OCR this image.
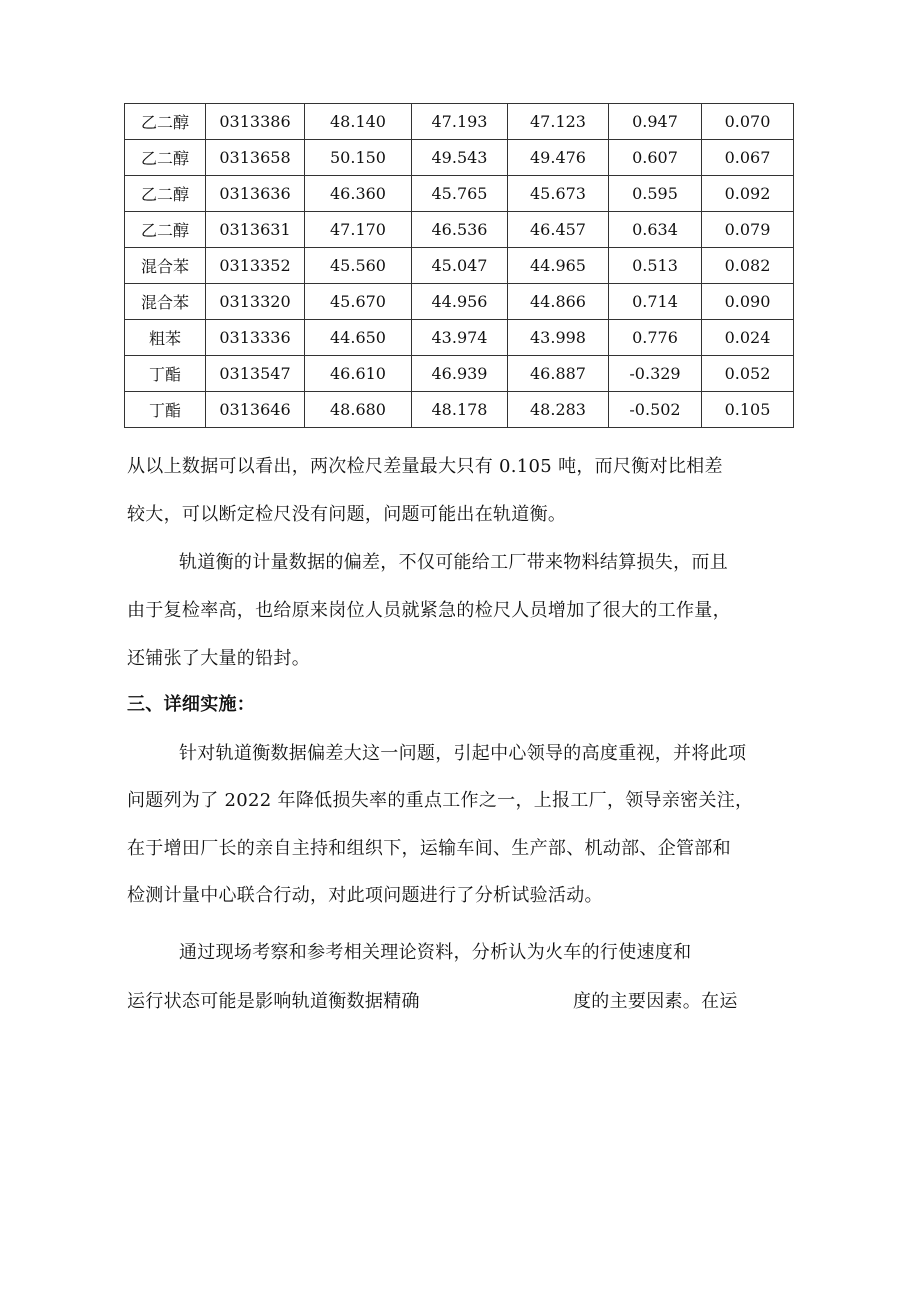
乙二醇	0313386	48.140	47.193	47.123	0.947	0.070
乙二醇	0313658	50.150	49.543	49.476	0.607	0.067
乙二醇	0313636	46.360	45.765	45.673	0.595	0.092
乙二醇	0313631	47.170	46.536	46.457	0.634	0.079
混合苯	0313352	45.560	45.047	44.965	0.513	0.082
混合苯	0313320	45.670	44.956	44.866	0.714	0.090
粗苯	0313336	44.650	43.974	43.998	0.776	0.024
丁酯	0313547	46.610	46.939	46.887	-0.329	0.052
丁酯	0313646	48.680	48.178	48.283	-0.502	0.105
从以上数据可以看出，两次检尺差量最大只有 0.105 吨，而尺衡对比相差
较大，可以断定检尺没有问题，问题可能出在轨道衡。
轨道衡的计量数据的偏差，不仅可能给工厂带来物料结算损失，而且
由于复检率高，也给原来岗位人员就紧急的检尺人员增加了很大的工作量，
还铺张了大量的铅封。
三、详细实施：
针对轨道衡数据偏差大这一问题，引起中心领导的高度重视，并将此项
问题列为了 2022 年降低损失率的重点工作之一，上报工厂，领导亲密关注，
在于增田厂长的亲自主持和组织下，运输车间、生产部、机动部、企管部和
检测计量中心联合行动，对此项问题进行了分析试验活动。
通过现场考察和参考相关理论资料，分析认为火车的行使速度和
运行状态可能是影响轨道衡数据精确	度的主要因素。在运
